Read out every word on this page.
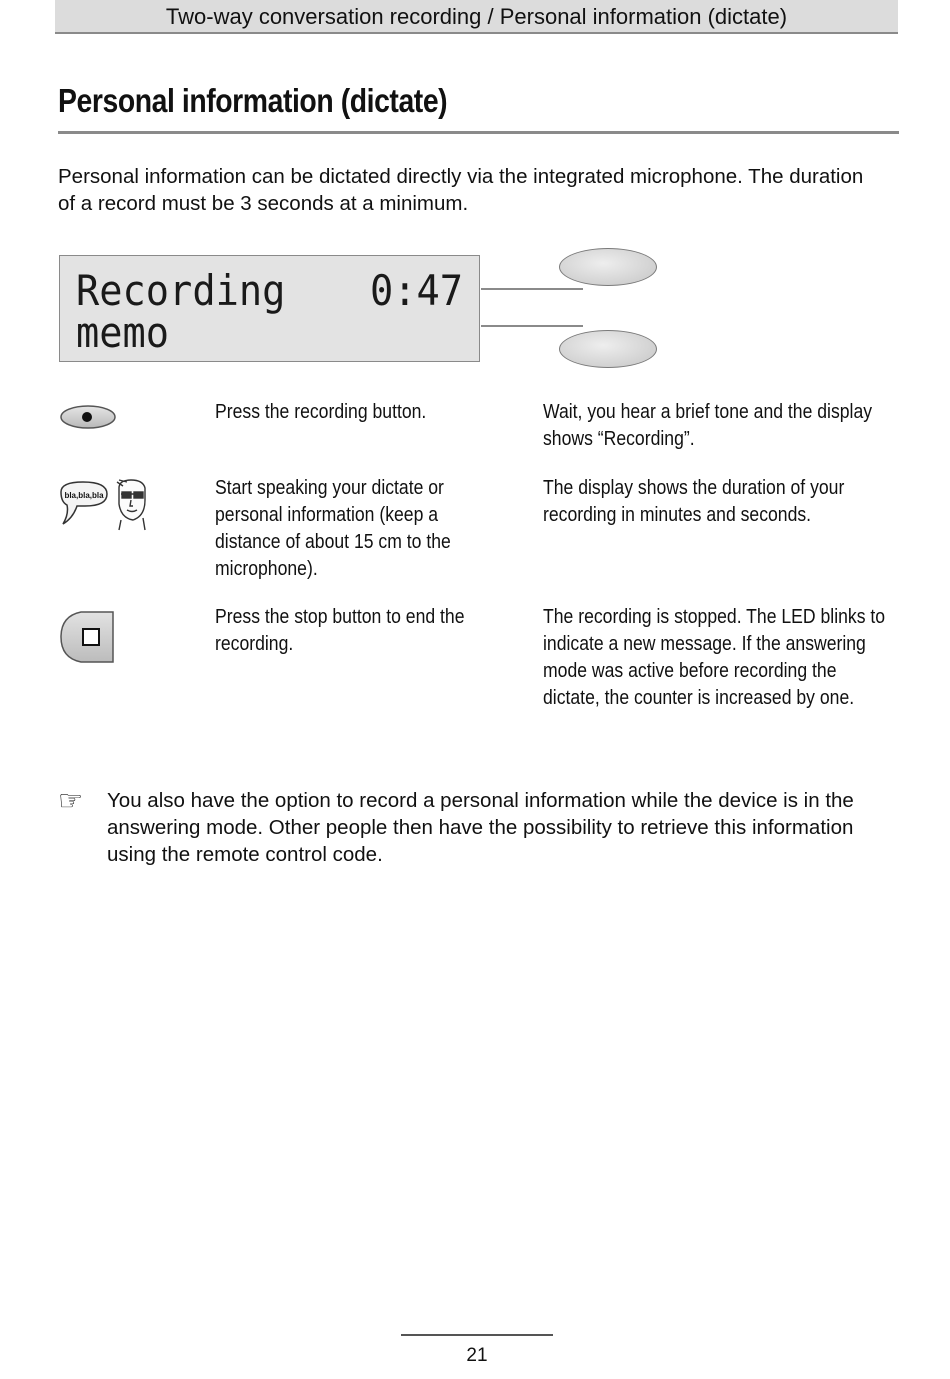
Two-way conversation recording / Personal information (dictate)
Personal information (dictate)

Personal information can be dictated directly via the integrated microphone. The duration of a record must be 3 seconds at a minimum.

Recording 0:47
memo

Press the recording button.	Wait, you hear a brief tone and the display shows “Recording”.

bla,bla,bla	Start speaking your dictate or personal information (keep a distance of about 15 cm to the microphone).

The display shows the duration of your recording in minutes and seconds.

Press the stop button to end the recording.

The recording is stopped. The LED blinks to indicate a new message. If the answering mode was active before recording the dictate, the counter is increased by one.

☞ You also have the option to record a personal information while the device is in the answering mode. Other people then have the possibility to retrieve this information using the remote control code.

21
